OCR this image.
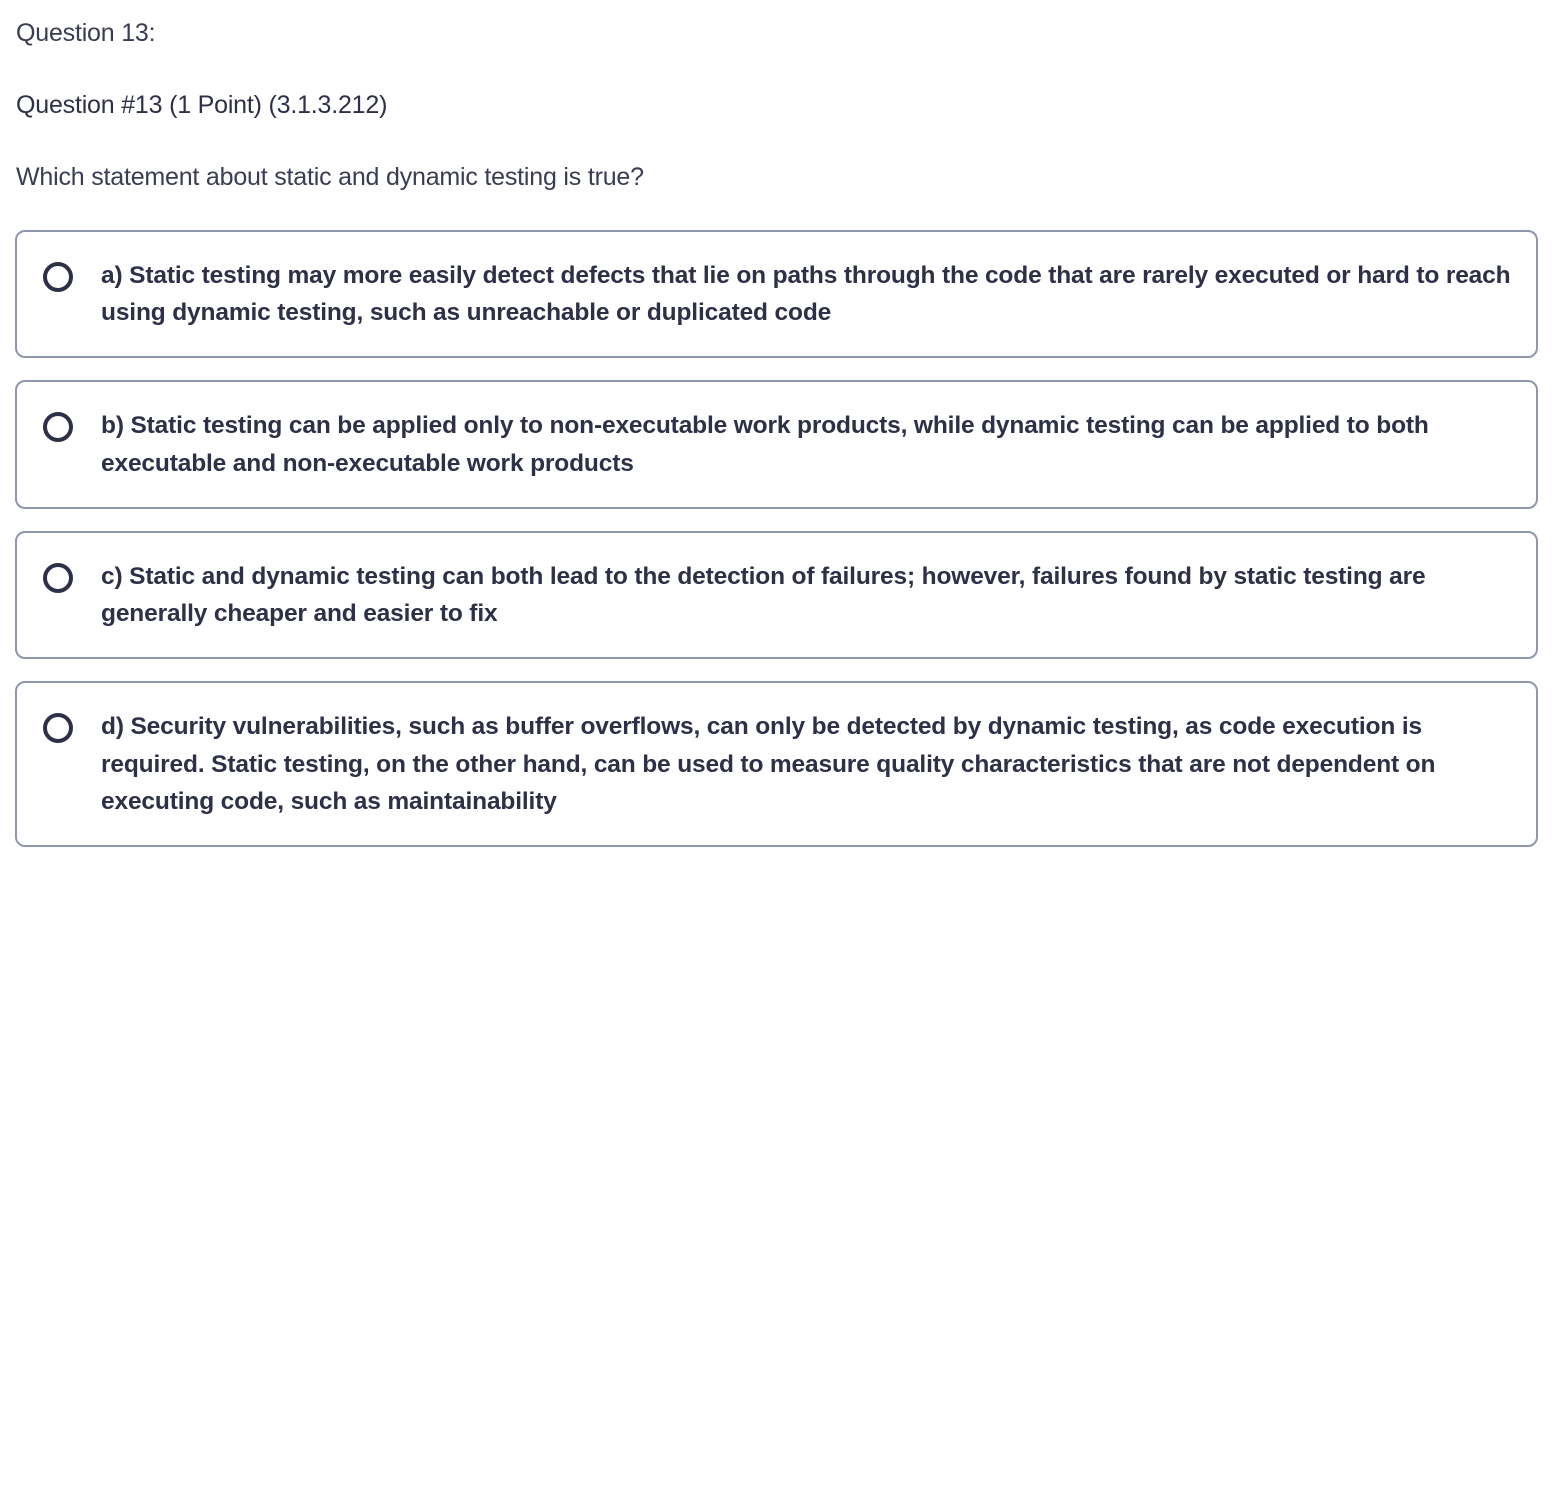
Question 13:
Question #13 (1 Point) (3.1.3.212)
Which statement about static and dynamic testing is true?
a) Static testing may more easily detect defects that lie on paths through the code that are rarely executed or hard to reach using dynamic testing, such as unreachable or duplicated code
b) Static testing can be applied only to non-executable work products, while dynamic testing can be applied to both executable and non-executable work products
c) Static and dynamic testing can both lead to the detection of failures; however, failures found by static testing are generally cheaper and easier to fix
d) Security vulnerabilities, such as buffer overflows, can only be detected by dynamic testing, as code execution is required. Static testing, on the other hand, can be used to measure quality characteristics that are not dependent on executing code, such as maintainability
